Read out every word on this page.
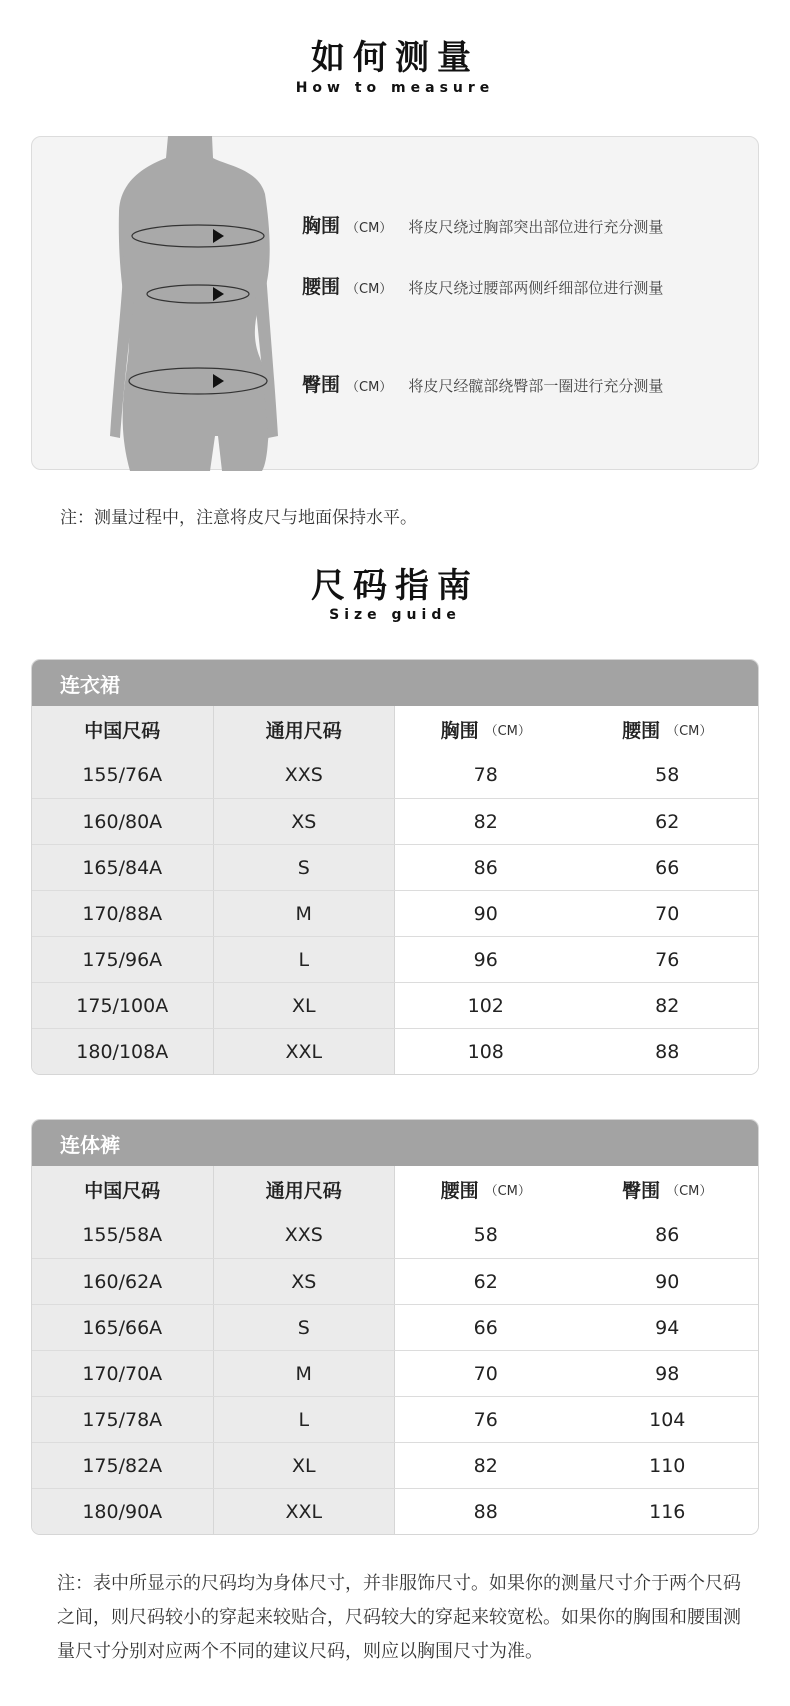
如何测量
How to measure
胸围 （CM） 将皮尺绕过胸部突出部位进行充分测量
腰围 （CM） 将皮尺绕过腰部两侧纤细部位进行测量
臀围 （CM） 将皮尺经髋部绕臀部一圈进行充分测量
注：测量过程中，注意将皮尺与地面保持水平。
尺码指南
Size guide
连衣裙
中国尺码	通用尺码	胸围 （CM）	腰围 （CM）
155/76A	XXS	78	58
160/80A	XS	82	62
165/84A	S	86	66
170/88A	M	90	70
175/96A	L	96	76
175/100A	XL	102	82
180/108A	XXL	108	88
连体裤
中国尺码	通用尺码	腰围 （CM）	臀围 （CM）
155/58A	XXS	58	86
160/62A	XS	62	90
165/66A	S	66	94
170/70A	M	70	98
175/78A	L	76	104
175/82A	XL	82	110
180/90A	XXL	88	116
注：表中所显示的尺码均为身体尺寸，并非服饰尺寸。如果你的测量尺寸介于两个尺码之间，则尺码较小的穿起来较贴合，尺码较大的穿起来较宽松。如果你的胸围和腰围测量尺寸分别对应两个不同的建议尺码，则应以胸围尺寸为准。
